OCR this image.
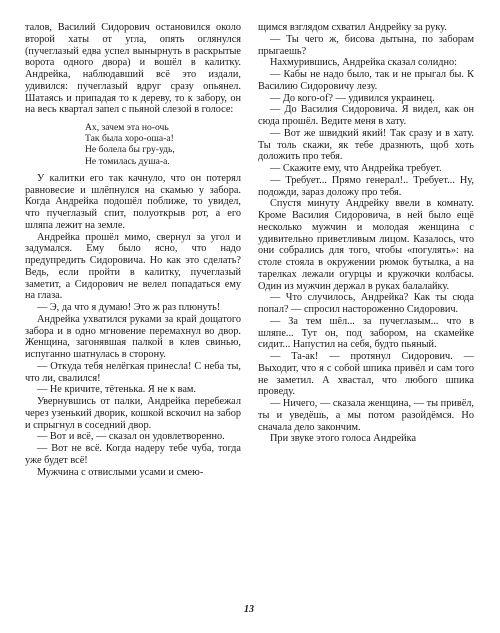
талов, Василий Сидорович остановился около второй хаты от угла, опять оглянулся (пучеглазый едва успел вынырнуть в раскрытые ворота одного двора) и вошёл в калитку. Андрейка, наблюдавший всё это издали, удивился: пучеглазый вдруг сразу опьянел. Шатаясь и припадая то к дереву, то к забору, он на весь квартал запел с пьяной слезой в голосе:

Ах, зачем эта но-очь
Так была хоро-оша-а!
Не болела бы гру-удь,
Не томилась душа-а.

У калитки его так качнуло, что он потерял равновесие и шлёпнулся на скамью у забора. Когда Андрейка подошёл поближе, то увидел, что пучеглазый спит, полуоткрыв рот, а его шляпа лежит на земле.

Андрейка прошёл мимо, свернул за угол и задумался. Ему было ясно, что надо предупредить Сидоровича. Но как это сделать? Ведь, если пройти в калитку, пучеглазый заметит, а Сидорович не велел попадаться ему на глаза.

— Э, да что я думаю! Это ж раз плюнуть!

Андрейка ухватился руками за край дощатого забора и в одно мгновение перемахнул во двор. Женщина, загонявшая палкой в клев свинью, испуганно шатнулась в сторону.

— Откуда тебя нелёгкая принесла! С неба ты, что ли, свалился!

— Не кричите, тётенька. Я не к вам.

Увернувшись от палки, Андрейка перебежал через узенький дворик, кошкой вскочил на забор и спрыгнул в соседний двор.

— Вот и всё, — сказал он удовлетворенно.

— Вот не всё. Когда надеру тебе чуба, тогда уже будет всё!

Мужчина с отвислыми усами и смею-

щимся взглядом схватил Андрейку за руку.

— Ты чего ж, бисова дытына, по заборам прыгаешь?

Нахмурившись, Андрейка сказал солидно:

— Кабы не надо было, так и не прыгал бы. К Василию Сидоровичу лезу.

— До кого-of? — удивился украинец.

— До Василия Сидоровича. Я видел, как он сюда прошёл. Ведите меня в хату.

— Вот же швидкий який! Так сразу и в хату. Ты толь скажи, як тебе дразнють, щоб хоть доложить про тебя.

— Скажите ему, что Андрейка требует.

— Требует... Прямо генерал!.. Требует... Ну, подожди, зараз доложу про тебя.

Спустя минуту Андрейку ввели в комнату. Кроме Василия Сидоровича, в ней было ещё несколько мужчин и молодая женщина с удивительно приветливым лицом. Казалось, что они собрались для того, чтобы «погулять»: на столе стояла в окружении рюмок бутылка, а на тарелках лежали огурцы и кружочки колбасы. Один из мужчин держал в руках балалайку.

— Что случилось, Андрейка? Как ты сюда попал? — спросил настороженно Сидорович.

— За тем шёл... за пучеглазым... что в шляпе... Тут он, под забором, на скамейке сидит... Напустил на себя, будто пьяный.

— Та-ак! — протянул Сидорович. — Выходит, что я с собой шпика привёл и сам того не заметил. А хвастал, что любого шпика проведу.

— Ничего, — сказала женщина, — ты привёл, ты и уведёшь, а мы потом разойдёмся. Но сначала дело закончим.

При звуке этого голоса Андрейка

13
